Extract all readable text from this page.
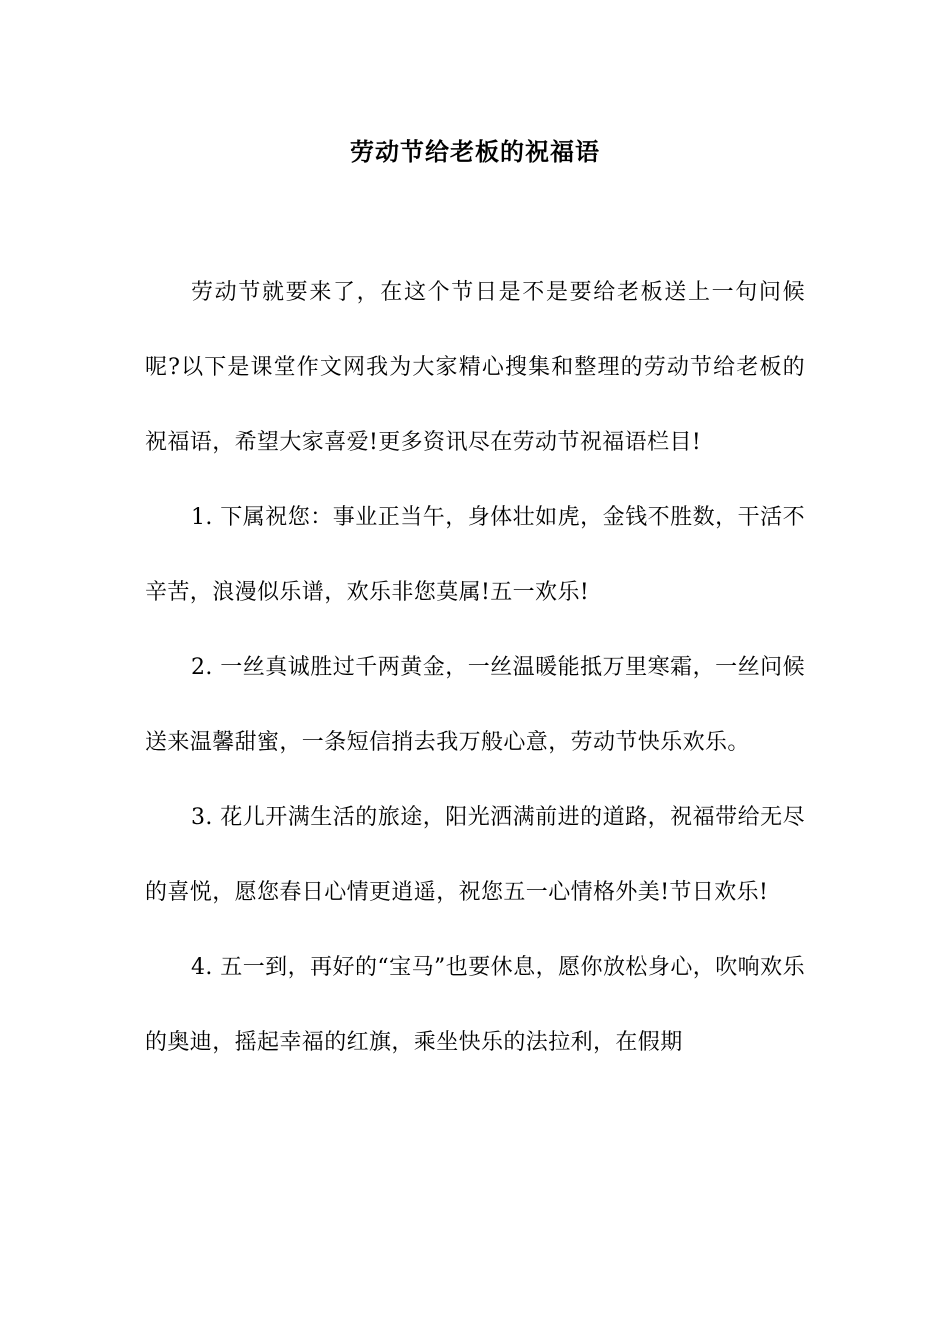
劳动节给老板的祝福语

劳动节就要来了，在这个节日是不是要给老板送上一句问候呢?以下是课堂作文网我为大家精心搜集和整理的劳动节给老板的祝福语，希望大家喜爱!更多资讯尽在劳动节祝福语栏目!

1. 下属祝您：事业正当午，身体壮如虎，金钱不胜数，干活不辛苦，浪漫似乐谱，欢乐非您莫属!五一欢乐!

2. 一丝真诚胜过千两黄金，一丝温暖能抵万里寒霜，一丝问候送来温馨甜蜜，一条短信捎去我万般心意，劳动节快乐欢乐。

3. 花儿开满生活的旅途，阳光洒满前进的道路，祝福带给无尽的喜悦，愿您春日心情更逍遥，祝您五一心情格外美!节日欢乐!

4. 五一到，再好的“宝马”也要休息，愿你放松身心，吹响欢乐的奥迪，摇起幸福的红旗，乘坐快乐的法拉利，在假期
